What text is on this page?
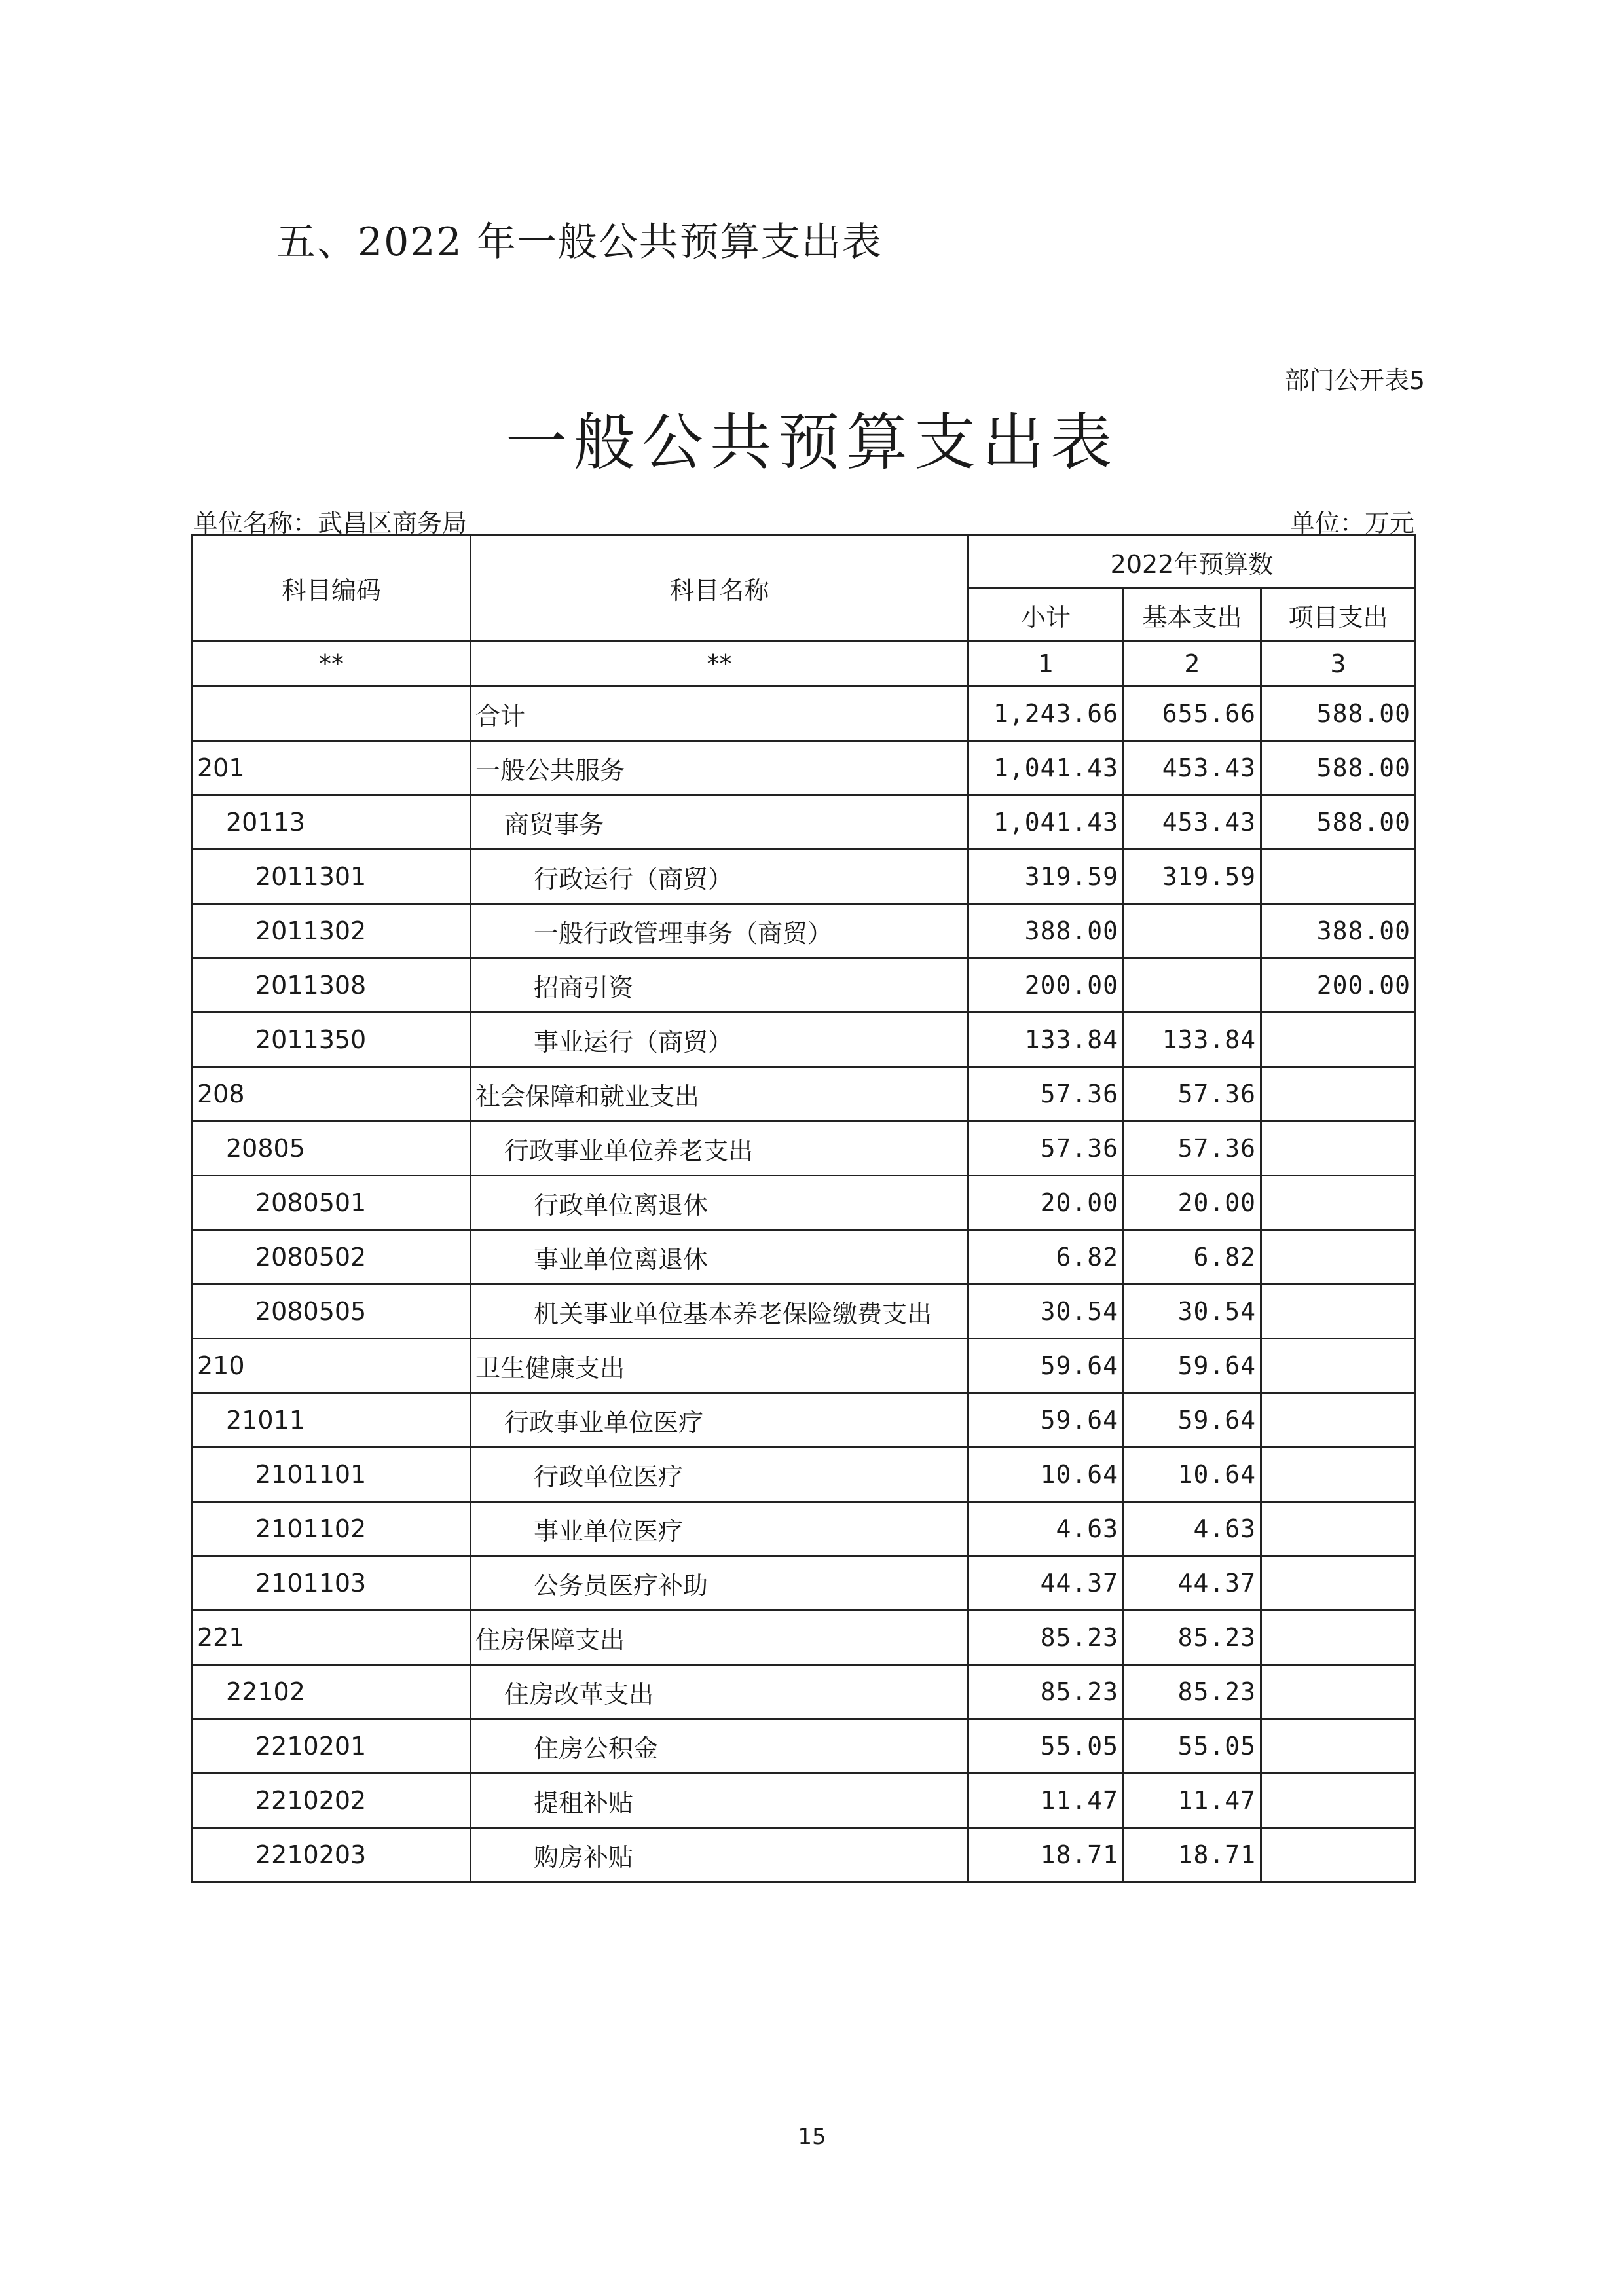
五、2022 年一般公共预算支出表
部门公开表5
一般公共预算支出表
单位名称：武昌区商务局	单位：万元
科目编码	科目名称	2022年预算数		
		小计	基本支出	项目支出
**	**	1	2	3
	合计	1,243.66	655.66	588.00
201	一般公共服务	1,041.43	453.43	588.00
20113	商贸事务	1,041.43	453.43	588.00
2011301	行政运行（商贸）	319.59	319.59	
2011302	一般行政管理事务（商贸）	388.00		388.00
2011308	招商引资	200.00		200.00
2011350	事业运行（商贸）	133.84	133.84	
208	社会保障和就业支出	57.36	57.36	
20805	行政事业单位养老支出	57.36	57.36	
2080501	行政单位离退休	20.00	20.00	
2080502	事业单位离退休	6.82	6.82	
2080505	机关事业单位基本养老保险缴费支出	30.54	30.54	
210	卫生健康支出	59.64	59.64	
21011	行政事业单位医疗	59.64	59.64	
2101101	行政单位医疗	10.64	10.64	
2101102	事业单位医疗	4.63	4.63	
2101103	公务员医疗补助	44.37	44.37	
221	住房保障支出	85.23	85.23	
22102	住房改革支出	85.23	85.23	
2210201	住房公积金	55.05	55.05	
2210202	提租补贴	11.47	11.47	
2210203	购房补贴	18.71	18.71	
15
